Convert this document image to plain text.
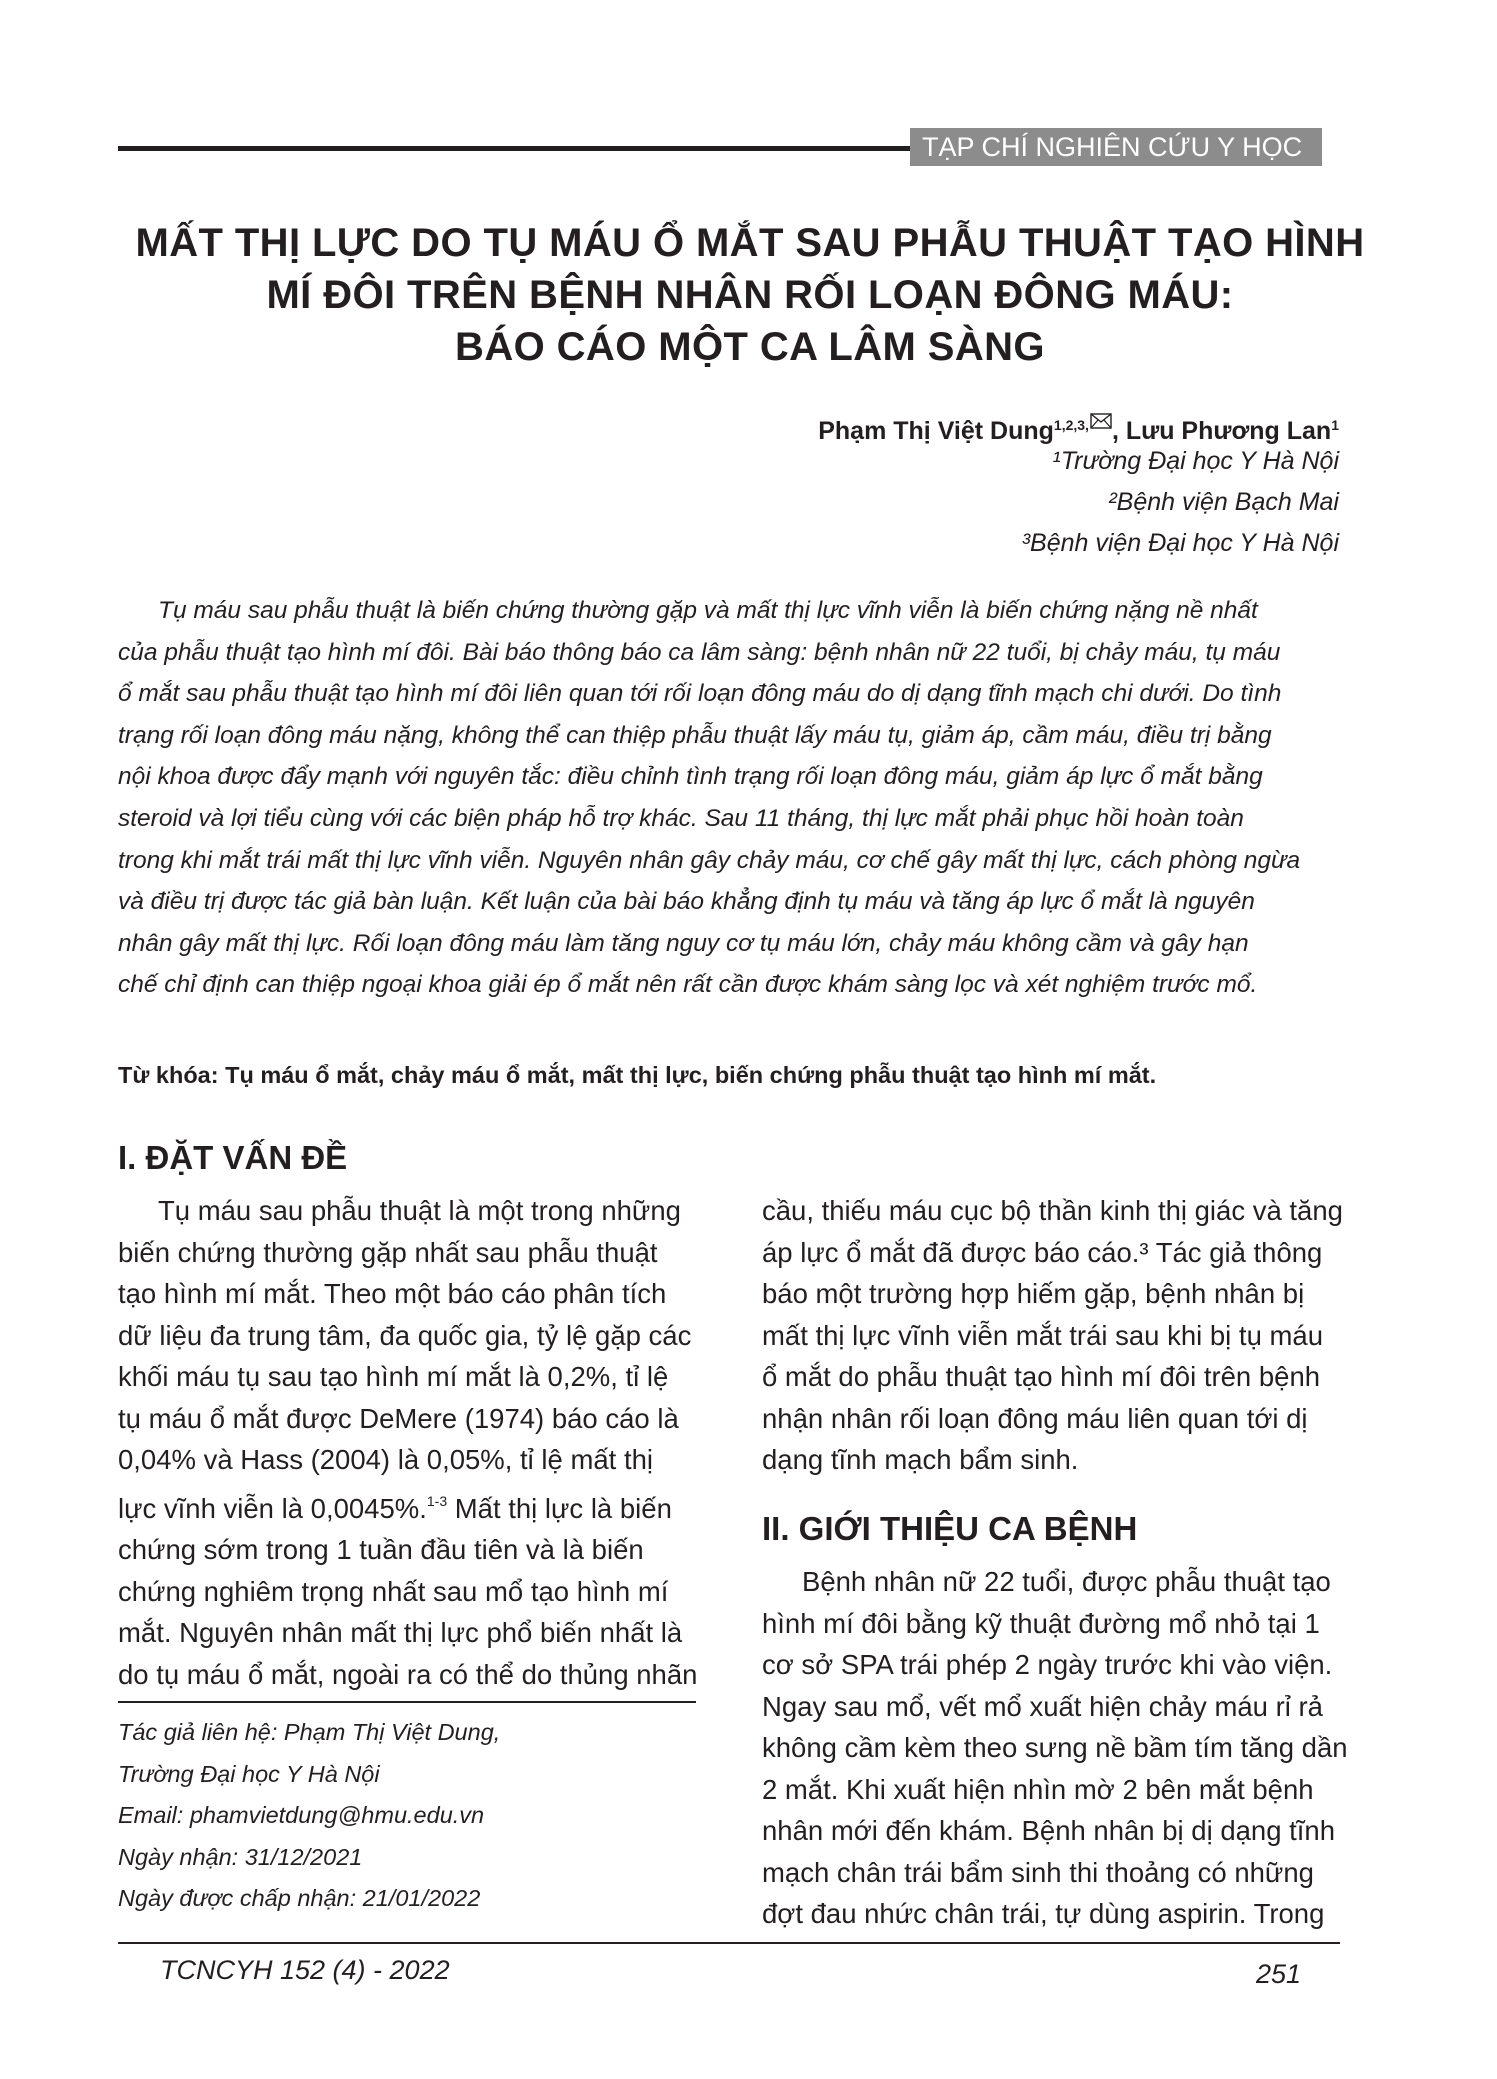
TẠP CHÍ NGHIÊN CỨU Y HỌC
MẤT THỊ LỰC DO TỤ MÁU Ổ MẮT SAU PHẪU THUẬT TẠO HÌNH
MÍ ĐÔI TRÊN BỆNH NHÂN RỐI LOẠN ĐÔNG MÁU:
BÁO CÁO MỘT CA LÂM SÀNG
Phạm Thị Việt Dung$^{1,2,3,}$ , Lưu Phương Lan$^1$
¹Trường Đại học Y Hà Nội
²Bệnh viện Bạch Mai
³Bệnh viện Đại học Y Hà Nội
Tụ máu sau phẫu thuật là biến chứng thường gặp và mất thị lực vĩnh viễn là biến chứng nặng nề nhất
của phẫu thuật tạo hình mí đôi. Bài báo thông báo ca lâm sàng: bệnh nhân nữ 22 tuổi, bị chảy máu, tụ máu
ổ mắt sau phẫu thuật tạo hình mí đôi liên quan tới rối loạn đông máu do dị dạng tĩnh mạch chi dưới. Do tình
trạng rối loạn đông máu nặng, không thể can thiệp phẫu thuật lấy máu tụ, giảm áp, cầm máu, điều trị bằng
nội khoa được đẩy mạnh với nguyên tắc: điều chỉnh tình trạng rối loạn đông máu, giảm áp lực ổ mắt bằng
steroid và lợi tiểu cùng với các biện pháp hỗ trợ khác. Sau 11 tháng, thị lực mắt phải phục hồi hoàn toàn
trong khi mắt trái mất thị lực vĩnh viễn. Nguyên nhân gây chảy máu, cơ chế gây mất thị lực, cách phòng ngừa
và điều trị được tác giả bàn luận. Kết luận của bài báo khẳng định tụ máu và tăng áp lực ổ mắt là nguyên
nhân gây mất thị lực. Rối loạn đông máu làm tăng nguy cơ tụ máu lớn, chảy máu không cầm và gây hạn
chế chỉ định can thiệp ngoại khoa giải ép ổ mắt nên rất cần được khám sàng lọc và xét nghiệm trước mổ.
Từ khóa: Tụ máu ổ mắt, chảy máu ổ mắt, mất thị lực, biến chứng phẫu thuật tạo hình mí mắt.
I. ĐẶT VẤN ĐỀ
Tụ máu sau phẫu thuật là một trong những
biến chứng thường gặp nhất sau phẫu thuật
tạo hình mí mắt. Theo một báo cáo phân tích
dữ liệu đa trung tâm, đa quốc gia, tỷ lệ gặp các
khối máu tụ sau tạo hình mí mắt là 0,2%, tỉ lệ
tụ máu ổ mắt được DeMere (1974) báo cáo là
0,04% và Hass (2004) là 0,05%, tỉ lệ mất thị
lực vĩnh viễn là 0,0045%.$^{1-3}$ Mất thị lực là biến
chứng sớm trong 1 tuần đầu tiên và là biến
chứng nghiêm trọng nhất sau mổ tạo hình mí
mắt. Nguyên nhân mất thị lực phổ biến nhất là
do tụ máu ổ mắt, ngoài ra có thể do thủng nhãn
Tác giả liên hệ: Phạm Thị Việt Dung,
Trường Đại học Y Hà Nội
Email: phamvietdung@hmu.edu.vn
Ngày nhận: 31/12/2021
Ngày được chấp nhận: 21/01/2022
cầu, thiếu máu cục bộ thần kinh thị giác và tăng
áp lực ổ mắt đã được báo cáo.³ Tác giả thông
báo một trường hợp hiếm gặp, bệnh nhân bị
mất thị lực vĩnh viễn mắt trái sau khi bị tụ máu
ổ mắt do phẫu thuật tạo hình mí đôi trên bệnh
nhận nhân rối loạn đông máu liên quan tới dị
dạng tĩnh mạch bẩm sinh.
II. GIỚI THIỆU CA BỆNH
Bệnh nhân nữ 22 tuổi, được phẫu thuật tạo
hình mí đôi bằng kỹ thuật đường mổ nhỏ tại 1
cơ sở SPA trái phép 2 ngày trước khi vào viện.
Ngay sau mổ, vết mổ xuất hiện chảy máu rỉ rả
không cầm kèm theo sưng nề bầm tím tăng dần
2 mắt. Khi xuất hiện nhìn mờ 2 bên mắt bệnh
nhân mới đến khám. Bệnh nhân bị dị dạng tĩnh
mạch chân trái bẩm sinh thi thoảng có những
đợt đau nhức chân trái, tự dùng aspirin. Trong
TCNCYH 152 (4) - 2022	251
